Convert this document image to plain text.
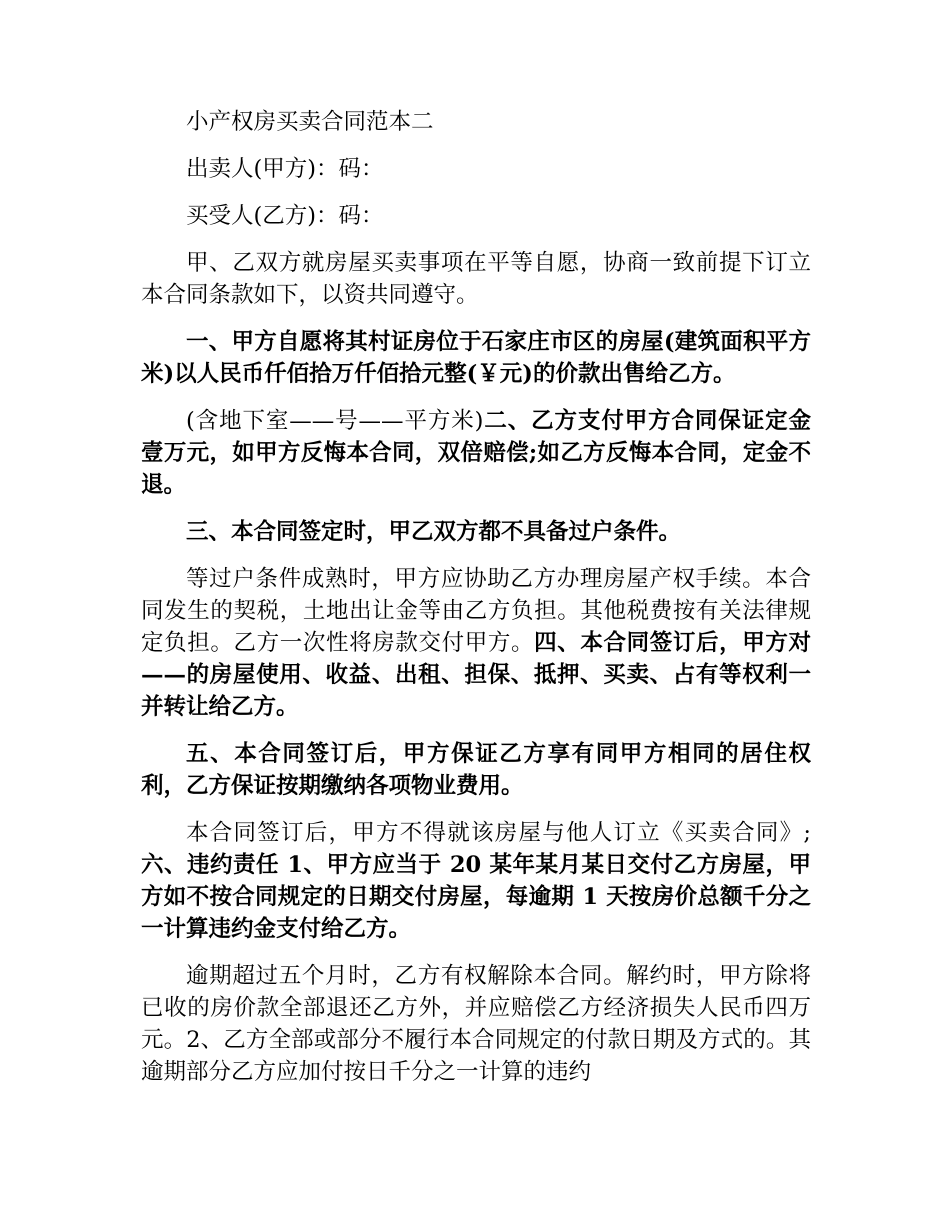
小产权房买卖合同范本二

出卖人(甲方)：码：

买受人(乙方)：码：

甲、乙双方就房屋买卖事项在平等自愿，协商一致前提下订立本合同条款如下，以资共同遵守。

一、甲方自愿将其村证房位于石家庄市区的房屋(建筑面积平方米)以人民币仟佰拾万仟佰拾元整(￥元)的价款出售给乙方。

(含地下室——号——平方米)二、乙方支付甲方合同保证定金壹万元，如甲方反悔本合同，双倍赔偿;如乙方反悔本合同，定金不退。

三、本合同签定时，甲乙双方都不具备过户条件。

等过户条件成熟时，甲方应协助乙方办理房屋产权手续。本合同发生的契税，土地出让金等由乙方负担。其他税费按有关法律规定负担。乙方一次性将房款交付甲方。四、本合同签订后，甲方对——的房屋使用、收益、出租、担保、抵押、买卖、占有等权利一并转让给乙方。

五、本合同签订后，甲方保证乙方享有同甲方相同的居住权利，乙方保证按期缴纳各项物业费用。

本合同签订后，甲方不得就该房屋与他人订立《买卖合同》;六、违约责任 1、甲方应当于 20 某年某月某日交付乙方房屋，甲方如不按合同规定的日期交付房屋，每逾期 1 天按房价总额千分之一计算违约金支付给乙方。

逾期超过五个月时，乙方有权解除本合同。解约时，甲方除将已收的房价款全部退还乙方外，并应赔偿乙方经济损失人民币四万元。2、乙方全部或部分不履行本合同规定的付款日期及方式的。其逾期部分乙方应加付按日千分之一计算的违约
